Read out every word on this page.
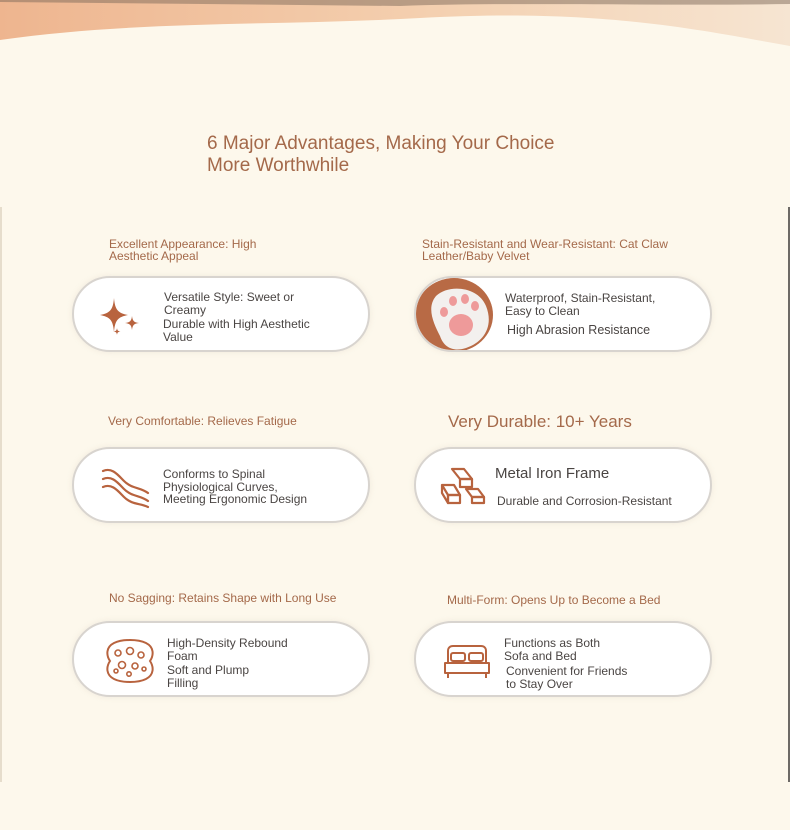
6 Major Advantages, Making Your Choice
More Worthwhile
Excellent Appearance: High
Aesthetic Appeal
Versatile Style: Sweet or
Creamy
Durable with High Aesthetic
Value
Stain-Resistant and Wear-Resistant: Cat Claw
Leather/Baby Velvet
Waterproof, Stain-Resistant,
Easy to Clean
High Abrasion Resistance
Very Comfortable: Relieves Fatigue
Conforms to Spinal
Physiological Curves,
Meeting Ergonomic Design
Very Durable: 10+ Years
Metal Iron Frame
Durable and Corrosion-Resistant
No Sagging: Retains Shape with Long Use
High-Density Rebound
Foam
Soft and Plump
Filling
Multi-Form: Opens Up to Become a Bed
Functions as Both
Sofa and Bed
Convenient for Friends
to Stay Over
